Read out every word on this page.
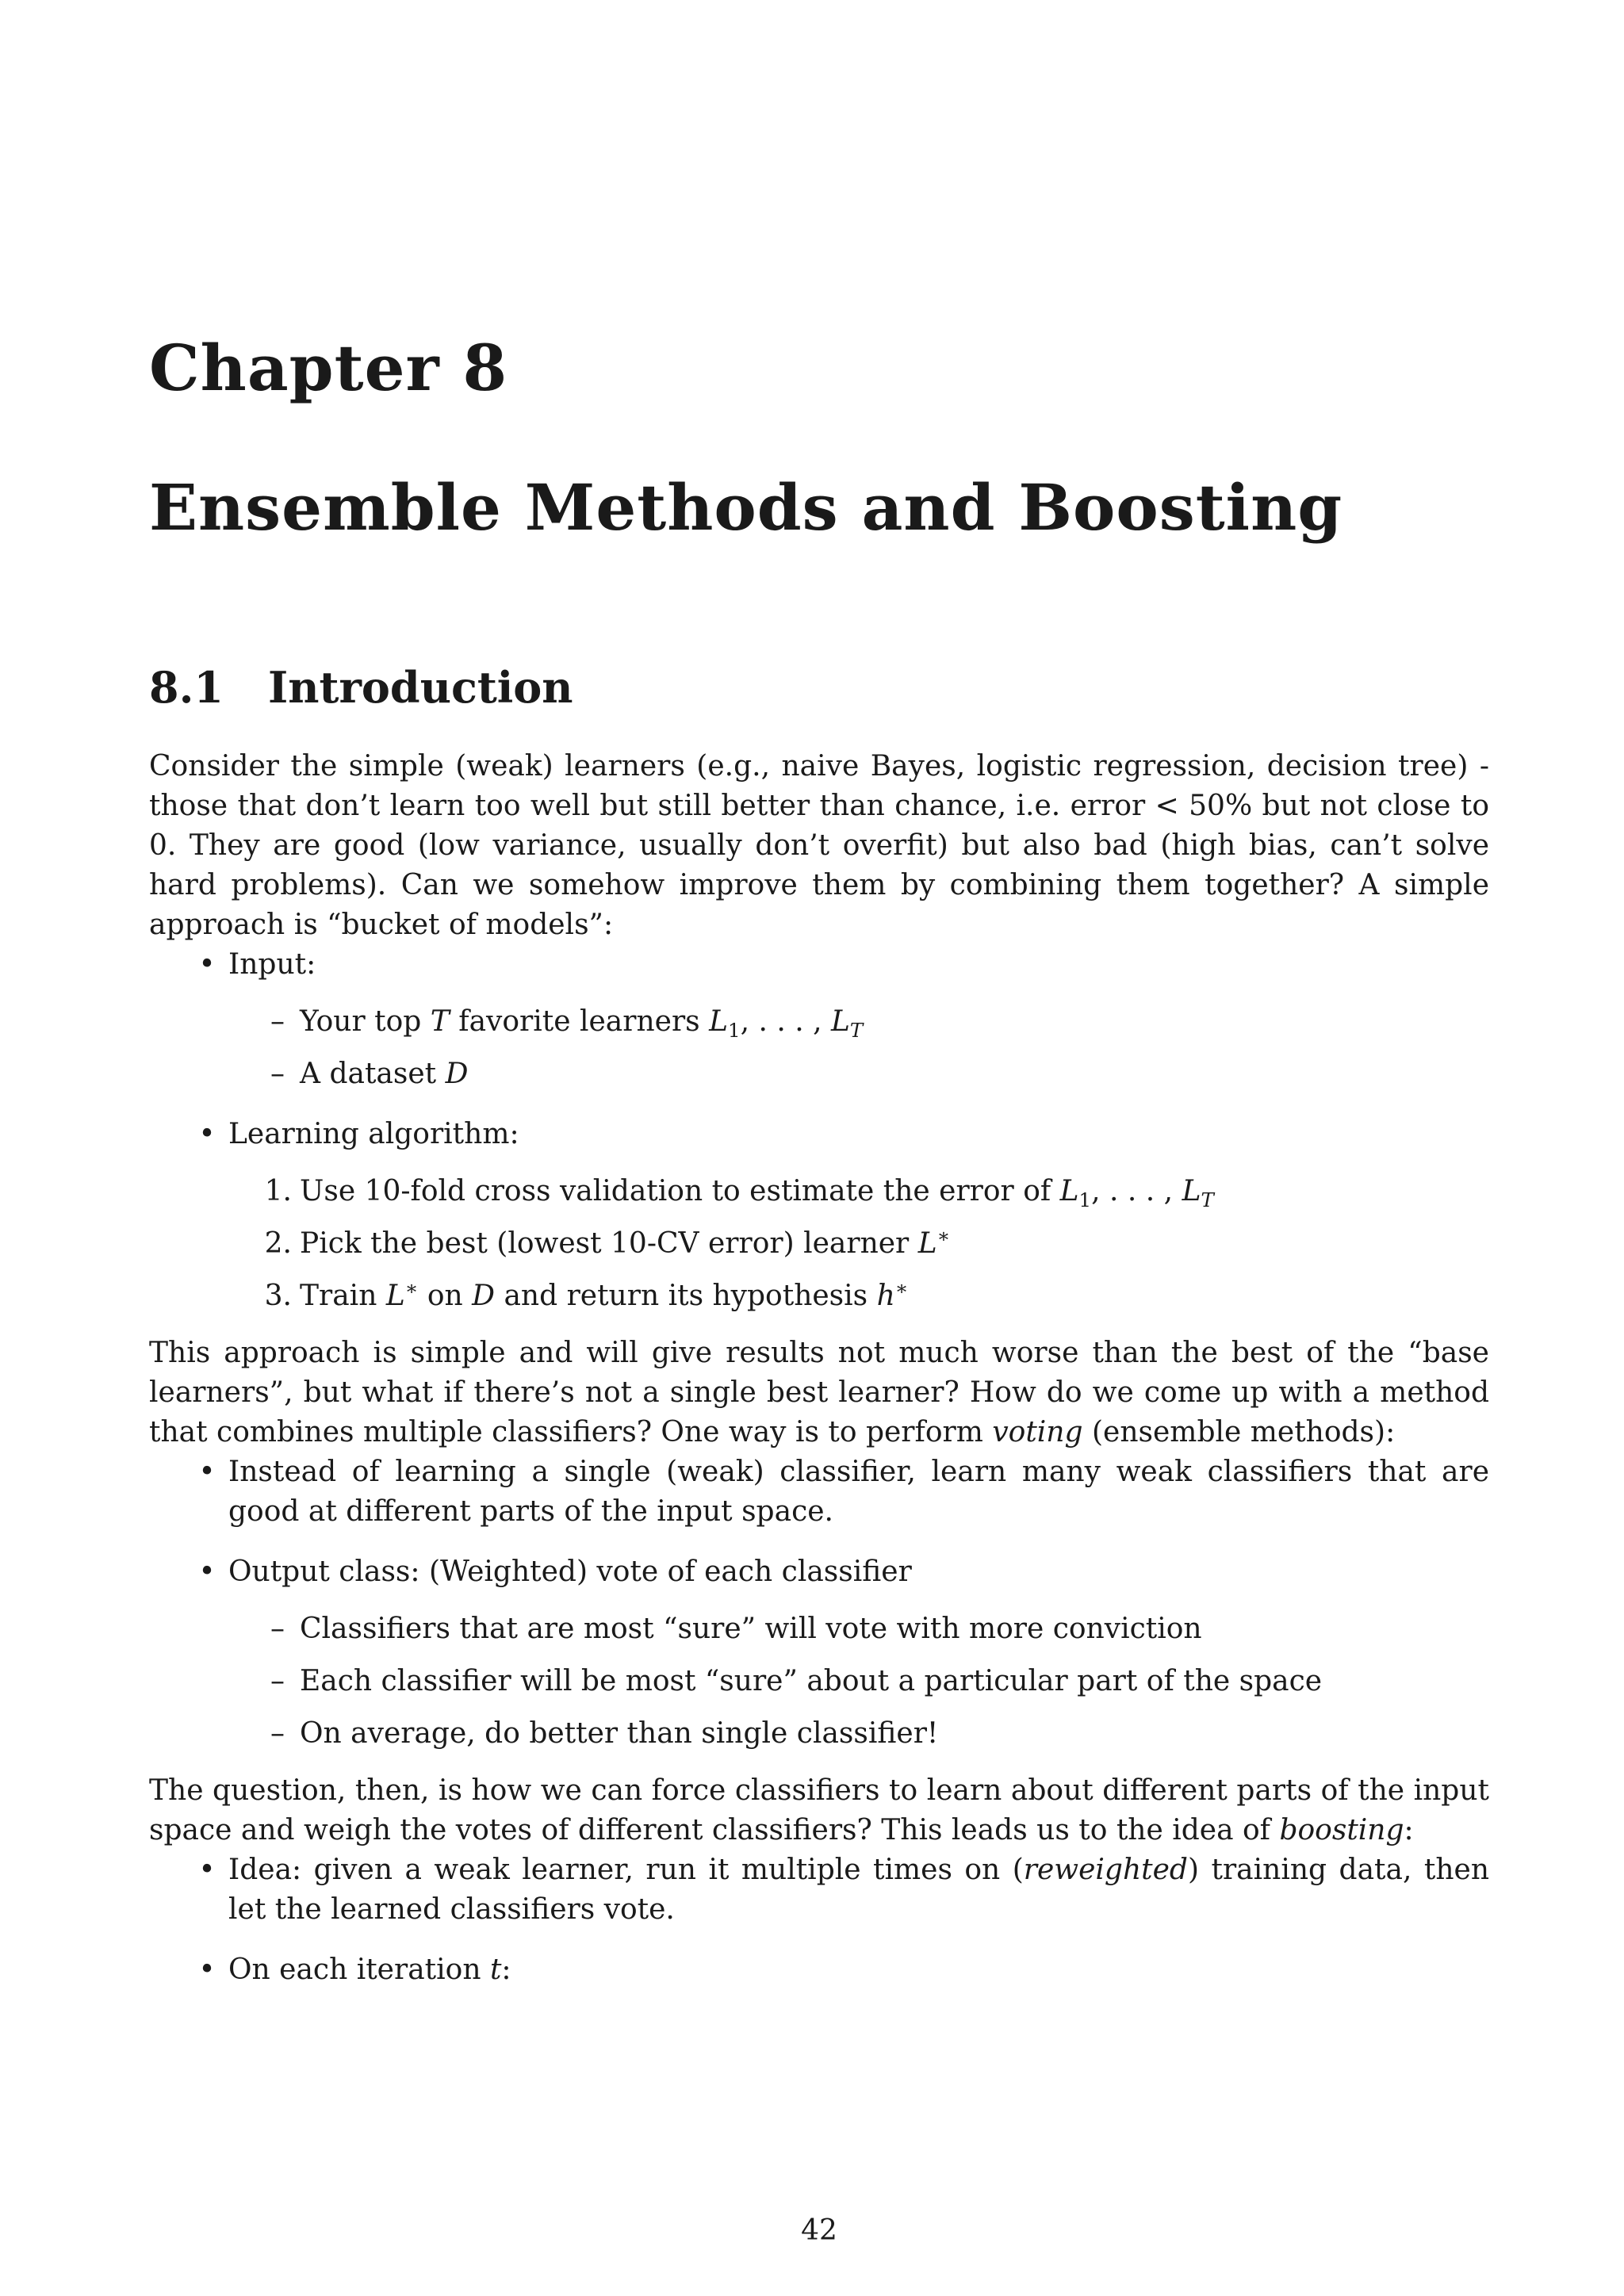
Chapter 8
Ensemble Methods and Boosting
8.1 Introduction

Consider the simple (weak) learners (e.g., naive Bayes, logistic regression, decision tree) - those that don’t learn too well but still better than chance, i.e. error < 50% but not close to 0. They are good (low variance, usually don’t overfit) but also bad (high bias, can’t solve hard problems). Can we somehow improve them by combining them together? A simple approach is “bucket of models”:

• Input:
– Your top T favorite learners $L_1$, . . . , $L_T$
– A dataset D
• Learning algorithm:
1. Use 10-fold cross validation to estimate the error of $L_1$, . . . , $L_T$
2. Pick the best (lowest 10-CV error) learner L∗
3. Train L∗ on D and return its hypothesis h∗

This approach is simple and will give results not much worse than the best of the “base learners”, but what if there’s not a single best learner? How do we come up with a method that combines multiple classifiers? One way is to perform voting (ensemble methods):

• Instead of learning a single (weak) classifier, learn many weak classifiers that are good at different parts of the input space.
• Output class: (Weighted) vote of each classifier
– Classifiers that are most “sure” will vote with more conviction
– Each classifier will be most “sure” about a particular part of the space
– On average, do better than single classifier!

The question, then, is how we can force classifiers to learn about different parts of the input space and weigh the votes of different classifiers? This leads us to the idea of boosting:

• Idea: given a weak learner, run it multiple times on (reweighted) training data, then let the learned classifiers vote.
• On each iteration t:
42
